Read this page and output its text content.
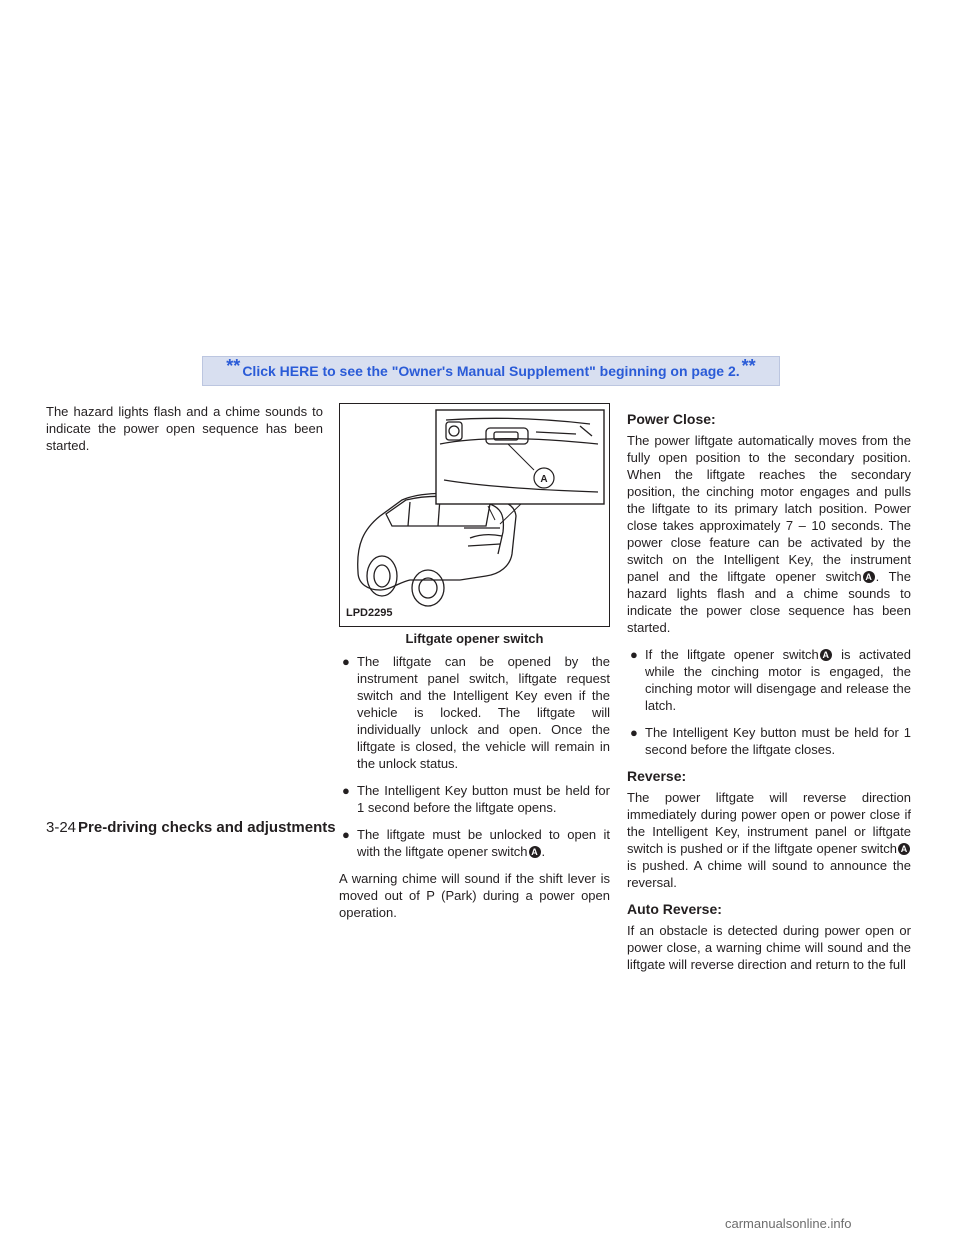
** Click HERE to see the "Owner's Manual Supplement" beginning on page 2. **

The hazard lights flash and a chime sounds to indicate the power open sequence has been started.

A
LPD2295
Liftgate opener switch
● The liftgate can be opened by the instrument panel switch, liftgate request switch and the Intelligent Key even if the vehicle is locked. The liftgate will individually unlock and open. Once the liftgate is closed, the vehicle will remain in the unlock status.
● The Intelligent Key button must be held for 1 second before the liftgate opens.
● The liftgate must be unlocked to open it with the liftgate opener switch A .

A warning chime will sound if the shift lever is moved out of P (Park) during a power open operation.

Power Close:

The power liftgate automatically moves from the fully open position to the secondary position. When the liftgate reaches the secondary position, the cinching motor engages and pulls the liftgate to its primary latch position. Power close takes approximately 7 – 10 seconds. The power close feature can be activated by the switch on the Intelligent Key, the instrument panel and the liftgate opener switch A . The hazard lights flash and a chime sounds to indicate the power close sequence has been started.

● If the liftgate opener switch A is activated while the cinching motor is engaged, the cinching motor will disengage and release the latch.
● The Intelligent Key button must be held for 1 second before the liftgate closes.
Reverse:

The power liftgate will reverse direction immediately during power open or power close if the Intelligent Key, instrument panel or liftgate switch is pushed or if the liftgate opener switch A is pushed. A chime will sound to announce the reversal.

Auto Reverse:

If an obstacle is detected during power open or power close, a warning chime will sound and the liftgate will reverse direction and return to the full

3-24 Pre-driving checks and adjustments
carmanualsonline.info
